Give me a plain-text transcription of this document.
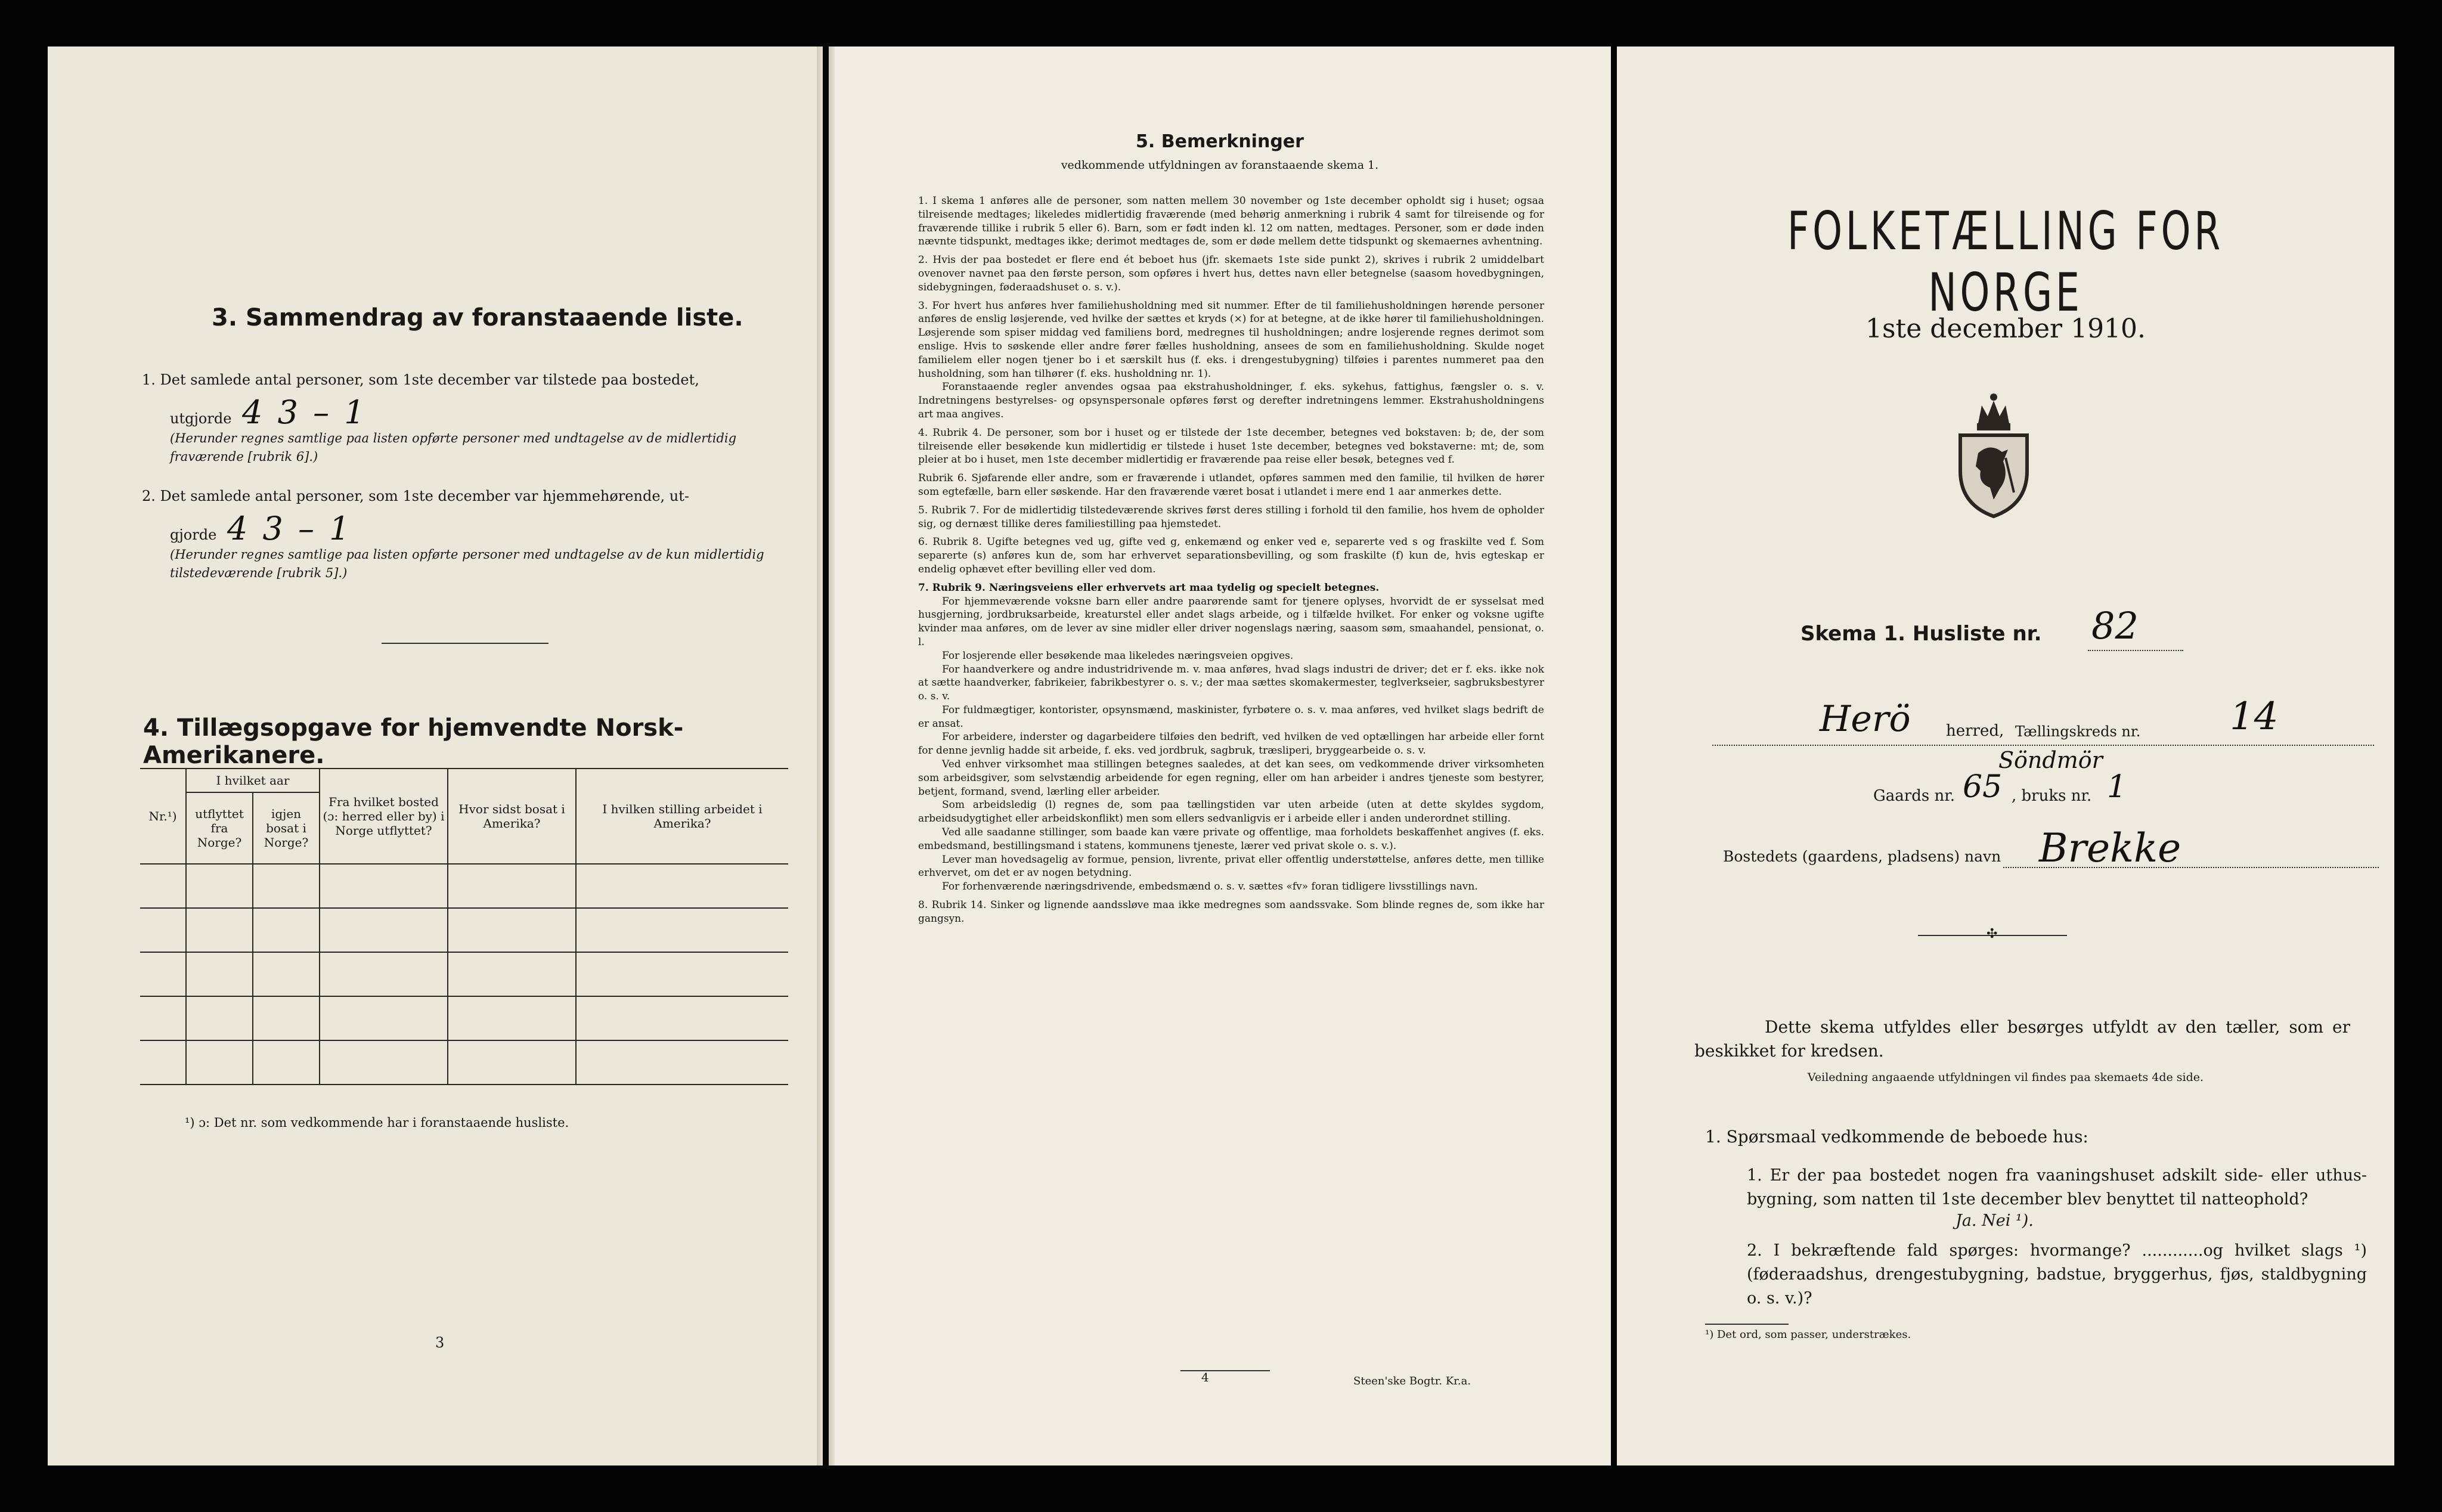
3. Sammendrag av foranstaaende liste.
1. Det samlede antal personer, som 1ste december var tilstede paa bostedet,
utgjorde 4 3 – 1
(Herunder regnes samtlige paa listen opførte personer med undtagelse av de midlertidig fraværende [rubrik 6].)
2. Det samlede antal personer, som 1ste december var hjemmehørende, ut-
gjorde 4 3 – 1
(Herunder regnes samtlige paa listen opførte personer med undtagelse av de kun midlertidig tilstedeværende [rubrik 5].)
4. Tillægsopgave for hjemvendte Norsk-Amerikanere.
Nr.¹)	I hvilket aar		Fra hvilket bosted (ɔ: herred eller by) i Norge utflyttet?	Hvor sidst bosat i Amerika?	I hvilken stilling arbeidet i Amerika?
	utflyttet fra Norge?	igjen bosat i Norge?			

¹) ɔ: Det nr. som vedkommende har i foranstaaende husliste.
3
5. Bemerkninger
vedkommende utfyldningen av foranstaaende skema 1.

1. I skema 1 anføres alle de personer, som natten mellem 30 november og 1ste december opholdt sig i huset; ogsaa tilreisende medtages; likeledes midlertidig fraværende (med behørig anmerkning i rubrik 4 samt for tilreisende og for fraværende tillike i rubrik 5 eller 6). Barn, som er født inden kl. 12 om natten, medtages. Personer, som er døde inden nævnte tidspunkt, medtages ikke; derimot medtages de, som er døde mellem dette tidspunkt og skemaernes avhentning.

2. Hvis der paa bostedet er flere end ét beboet hus (jfr. skemaets 1ste side punkt 2), skrives i rubrik 2 umiddelbart ovenover navnet paa den første person, som opføres i hvert hus, dettes navn eller betegnelse (saasom hovedbygningen, sidebygningen, føderaadshuset o. s. v.).

3. For hvert hus anføres hver familiehusholdning med sit nummer. Efter de til familiehusholdningen hørende personer anføres de enslig løsjerende, ved hvilke der sættes et kryds (×) for at betegne, at de ikke hører til familiehusholdningen. Løsjerende som spiser middag ved familiens bord, medregnes til husholdningen; andre losjerende regnes derimot som enslige. Hvis to søskende eller andre fører fælles husholdning, ansees de som en familiehusholdning. Skulde noget familielem eller nogen tjener bo i et særskilt hus (f. eks. i drengestubygning) tilføies i parentes nummeret paa den husholdning, som han tilhører (f. eks. husholdning nr. 1).

Foranstaaende regler anvendes ogsaa paa ekstrahusholdninger, f. eks. sykehus, fattighus, fængsler o. s. v. Indretningens bestyrelses- og opsynspersonale opføres først og derefter indretningens lemmer. Ekstrahusholdningens art maa angives.

4. Rubrik 4. De personer, som bor i huset og er tilstede der 1ste december, betegnes ved bokstaven: b; de, der som tilreisende eller besøkende kun midlertidig er tilstede i huset 1ste december, betegnes ved bokstaverne: mt; de, som pleier at bo i huset, men 1ste december midlertidig er fraværende paa reise eller besøk, betegnes ved f.

Rubrik 6. Sjøfarende eller andre, som er fraværende i utlandet, opføres sammen med den familie, til hvilken de hører som egtefælle, barn eller søskende. Har den fraværende været bosat i utlandet i mere end 1 aar anmerkes dette.

5. Rubrik 7. For de midlertidig tilstedeværende skrives først deres stilling i forhold til den familie, hos hvem de opholder sig, og dernæst tillike deres familiestilling paa hjemstedet.

6. Rubrik 8. Ugifte betegnes ved ug, gifte ved g, enkemænd og enker ved e, separerte ved s og fraskilte ved f. Som separerte (s) anføres kun de, som har erhvervet separationsbevilling, og som fraskilte (f) kun de, hvis egteskap er endelig ophævet efter bevilling eller ved dom.

7. Rubrik 9. Næringsveiens eller erhvervets art maa tydelig og specielt betegnes.

For hjemmeværende voksne barn eller andre paarørende samt for tjenere oplyses, hvorvidt de er sysselsat med husgjerning, jordbruksarbeide, kreaturstel eller andet slags arbeide, og i tilfælde hvilket. For enker og voksne ugifte kvinder maa anføres, om de lever av sine midler eller driver nogenslags næring, saasom søm, smaahandel, pensionat, o. l.

For losjerende eller besøkende maa likeledes næringsveien opgives.

For haandverkere og andre industridrivende m. v. maa anføres, hvad slags industri de driver; det er f. eks. ikke nok at sætte haandverker, fabrikeier, fabrikbestyrer o. s. v.; der maa sættes skomakermester, teglverkseier, sagbruksbestyrer o. s. v.

For fuldmægtiger, kontorister, opsynsmænd, maskinister, fyrbøtere o. s. v. maa anføres, ved hvilket slags bedrift de er ansat.

For arbeidere, inderster og dagarbeidere tilføies den bedrift, ved hvilken de ved optællingen har arbeide eller fornt for denne jevnlig hadde sit arbeide, f. eks. ved jordbruk, sagbruk, træsliperi, bryggearbeide o. s. v.

Ved enhver virksomhet maa stillingen betegnes saaledes, at det kan sees, om vedkommende driver virksomheten som arbeidsgiver, som selvstændig arbeidende for egen regning, eller om han arbeider i andres tjeneste som bestyrer, betjent, formand, svend, lærling eller arbeider.

Som arbeidsledig (l) regnes de, som paa tællingstiden var uten arbeide (uten at dette skyldes sygdom, arbeidsudygtighet eller arbeidskonflikt) men som ellers sedvanligvis er i arbeide eller i anden underordnet stilling.

Ved alle saadanne stillinger, som baade kan være private og offentlige, maa forholdets beskaffenhet angives (f. eks. embedsmand, bestillingsmand i statens, kommunens tjeneste, lærer ved privat skole o. s. v.).

Lever man hovedsagelig av formue, pension, livrente, privat eller offentlig understøttelse, anføres dette, men tillike erhvervet, om det er av nogen betydning.

For forhenværende næringsdrivende, embedsmænd o. s. v. sættes «fv» foran tidligere livsstillings navn.

8. Rubrik 14. Sinker og lignende aandssløve maa ikke medregnes som aandssvake. Som blinde regnes de, som ikke har gangsyn.

4	Steen'ske Bogtr. Kr.a.
FOLKETÆLLING FOR NORGE
1ste december 1910.
Skema 1. Husliste nr. 82
Herö herred, Tællingskreds nr. 14
Söndmör
Gaards nr. 65 , bruks nr. 1
Bostedets (gaardens, pladsens) navn Brekke
✣
Dette skema utfyldes eller besørges utfyldt av den tæller, som er beskikket for kredsen.
Veiledning angaaende utfyldningen vil findes paa skemaets 4de side.
1. Spørsmaal vedkommende de beboede hus:
1. Er der paa bostedet nogen fra vaaningshuset adskilt side- eller uthus-bygning, som natten til 1ste december blev benyttet til natteophold?
Ja. Nei ¹).
2. I bekræftende fald spørges: hvormange? ............og hvilket slags ¹) (føderaadshus, drengestubygning, badstue, bryggerhus, fjøs, staldbygning o. s. v.)?
¹) Det ord, som passer, understrækes.
